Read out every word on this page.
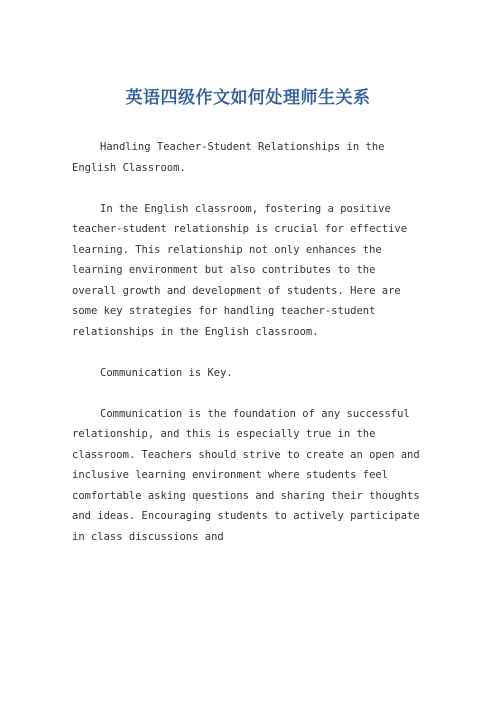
英语四级作文如何处理师生关系

Handling Teacher-Student Relationships in the English Classroom.

In the English classroom, fostering a positive teacher-student relationship is crucial for effective learning. This relationship not only enhances the learning environment but also contributes to the overall growth and development of students. Here are some key strategies for handling teacher-student relationships in the English classroom.

Communication is Key.

Communication is the foundation of any successful relationship, and this is especially true in the classroom. Teachers should strive to create an open and inclusive learning environment where students feel comfortable asking questions and sharing their thoughts and ideas. Encouraging students to actively participate in class discussions and
